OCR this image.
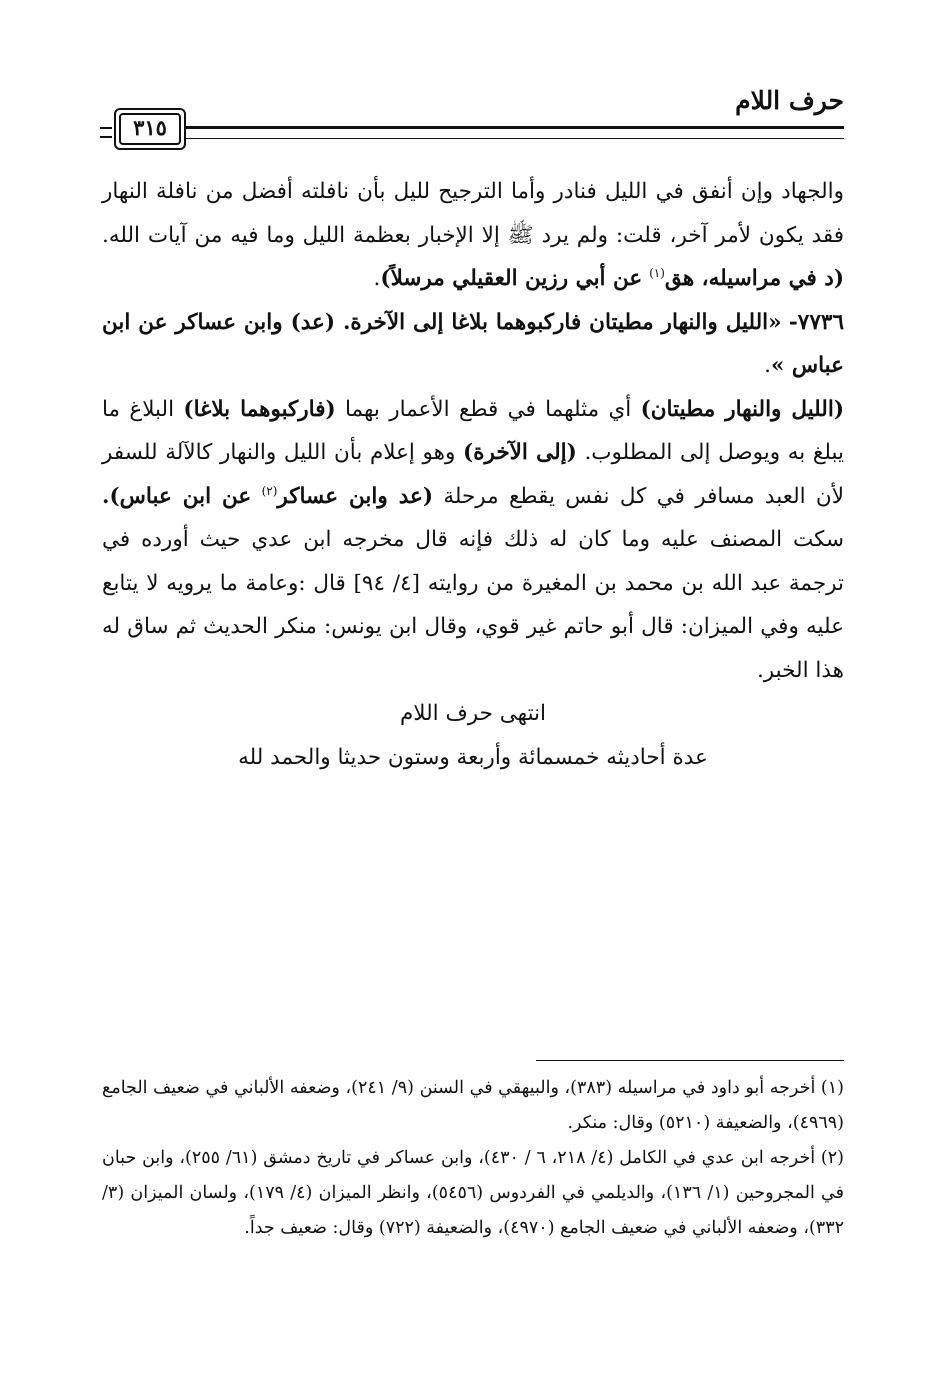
حرف اللام
٣١٥

والجهاد وإن أنفق في الليل فنادر وأما الترجيح لليل بأن نافلته أفضل من نافلة النهار فقد يكون لأمر آخر، قلت: ولم يرد ﷺ إلا الإخبار بعظمة الليل وما فيه من آيات الله. (د في مراسيله، هق$^{(١)}$ عن أبي رزين العقيلي مرسلاً).

٧٧٣٦- «الليل والنهار مطيتان فاركبوهما بلاغا إلى الآخرة. (عد) وابن عساكر عن ابن عباس ».

(الليل والنهار مطيتان) أي مثلهما في قطع الأعمار بهما (فاركبوهما بلاغا) البلاغ ما يبلغ به ويوصل إلى المطلوب. (إلى الآخرة) وهو إعلام بأن الليل والنهار كالآلة للسفر لأن العبد مسافر في كل نفس يقطع مرحلة (عد وابن عساكر$^{(٢)}$ عن ابن عباس). سكت المصنف عليه وما كان له ذلك فإنه قال مخرجه ابن عدي حيث أورده في ترجمة عبد الله بن محمد بن المغيرة من روايته [٤/ ٩٤] قال :وعامة ما يرويه لا يتابع عليه وفي الميزان: قال أبو حاتم غير قوي، وقال ابن يونس: منكر الحديث ثم ساق له هذا الخبر.

انتهى حرف اللام

عدة أحاديثه خمسمائة وأربعة وستون حديثا والحمد لله

(١) أخرجه أبو داود في مراسيله (٣٨٣)، والبيهقي في السنن (٩/ ٢٤١)، وضعفه الألباني في ضعيف الجامع (٤٩٦٩)، والضعيفة (٥٢١٠) وقال: منكر.

(٢) أخرجه ابن عدي في الكامل (٤/ ٢١٨، ٦ / ٤٣٠)، وابن عساكر في تاريخ دمشق (٦١/ ٢٥٥)، وابن حبان في المجروحين (١/ ١٣٦)، والديلمي في الفردوس (٥٤٥٦)، وانظر الميزان (٤/ ١٧٩)، ولسان الميزان (٣/ ٣٣٢)، وضعفه الألباني في ضعيف الجامع (٤٩٧٠)، والضعيفة (٧٢٢) وقال: ضعيف جداً.
